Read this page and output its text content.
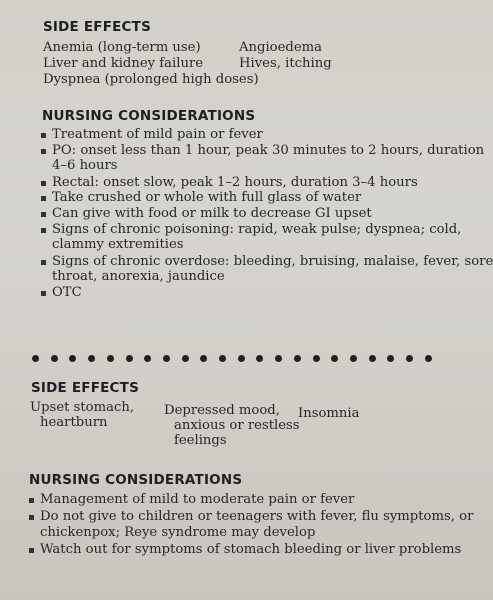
SIDE EFFECTS
Anemia (long-term use)
Liver and kidney failure
Dyspnea (prolonged high doses)
Angioedema
Hives, itching
NURSING CONSIDERATIONS
Treatment of mild pain or fever
PO: onset less than 1 hour, peak 30 minutes to 2 hours, duration
4–6 hours
Rectal: onset slow, peak 1–2 hours, duration 3–4 hours
Take crushed or whole with full glass of water
Can give with food or milk to decrease GI upset
Signs of chronic poisoning: rapid, weak pulse; dyspnea; cold,
clammy extremities
Signs of chronic overdose: bleeding, bruising, malaise, fever, sore
throat, anorexia, jaundice
OTC
SIDE EFFECTS
Upset stomach,
heartburn
Depressed mood,
anxious or restless
feelings
Insomnia
NURSING CONSIDERATIONS
Management of mild to moderate pain or fever
Do not give to children or teenagers with fever, flu symptoms, or
chickenpox; Reye syndrome may develop
Watch out for symptoms of stomach bleeding or liver problems
